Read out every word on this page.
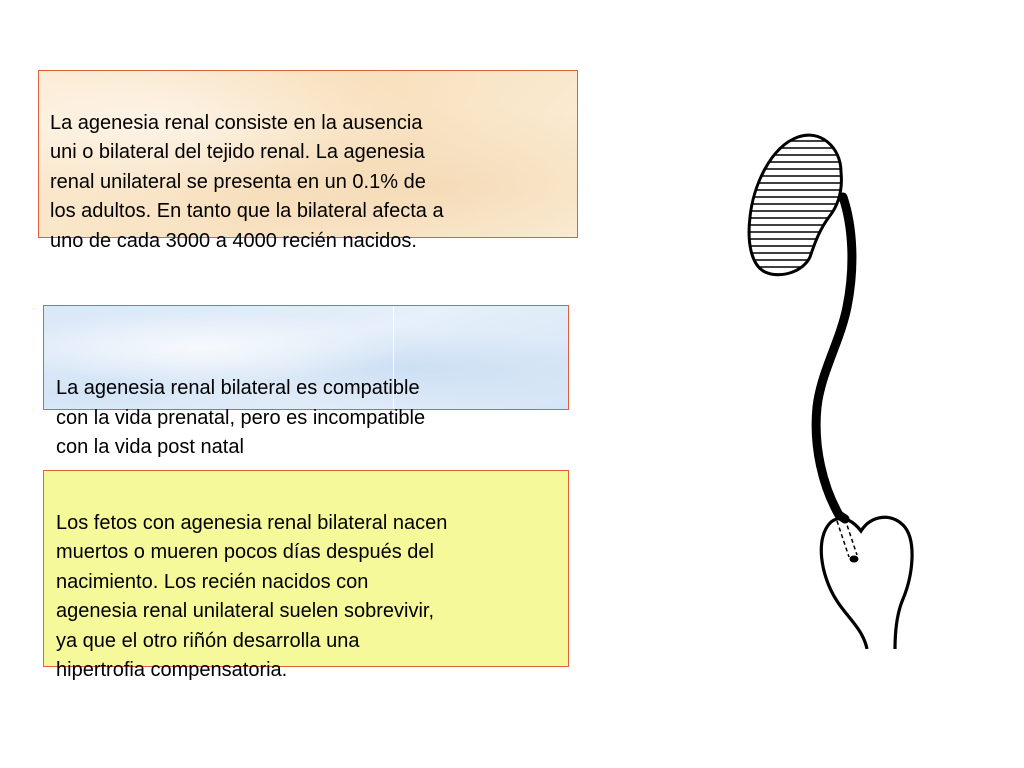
La agenesia renal consiste en la ausencia
uni o bilateral del tejido renal. La agenesia
renal unilateral se presenta en un 0.1% de
los adultos. En tanto que la bilateral afecta a
uno de cada 3000 a 4000 recién nacidos.

La agenesia renal bilateral es compatible
con la vida prenatal, pero es incompatible
con la vida post natal

Los fetos con agenesia renal bilateral nacen
muertos o mueren pocos días después del
nacimiento. Los recién nacidos con
agenesia renal unilateral suelen sobrevivir,
ya que el otro riñón desarrolla una
hipertrofia compensatoria.
